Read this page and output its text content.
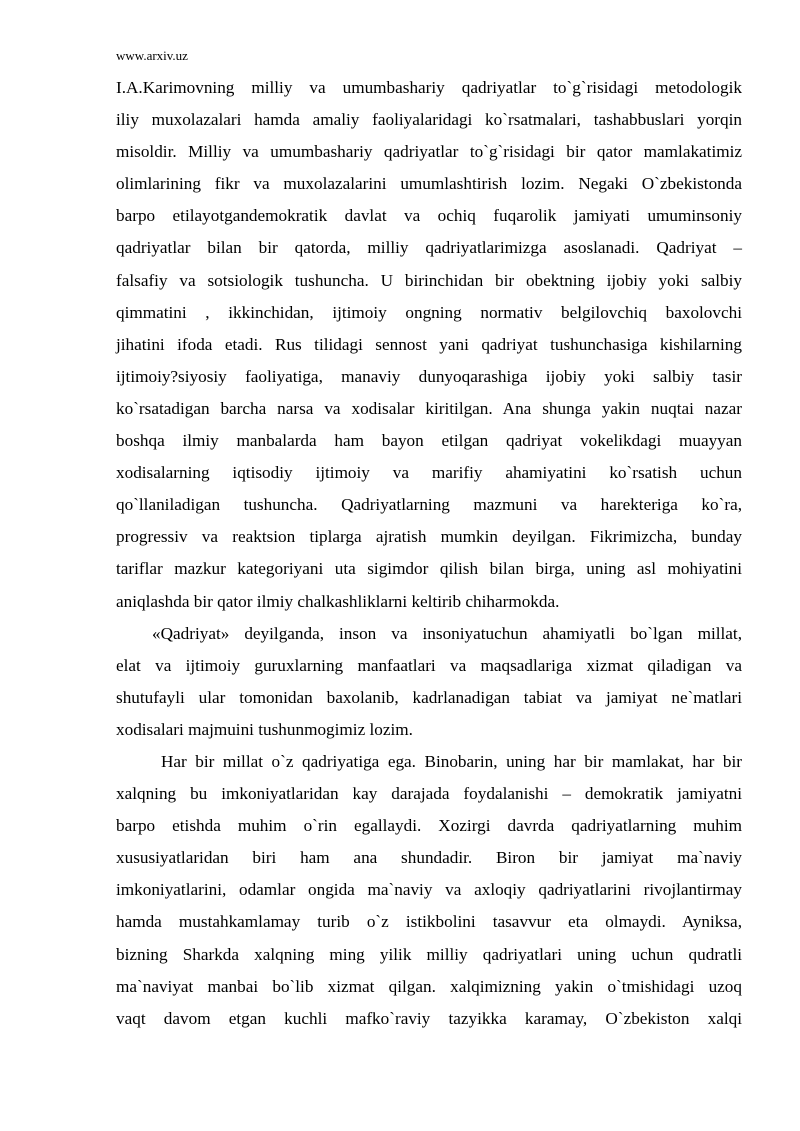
www.arxiv.uz
I.A.Karimovning milliy va umumbashariy qadriyatlar to`g`risidagi metodologik
iliy muxolazalari hamda amaliy faoliyalaridagi ko`rsatmalari, tashabbuslari yorqin
misoldir. Milliy va umumbashariy qadriyatlar to`g`risidagi bir qator mamlakatimiz
olimlarining fikr va muxolazalarini umumlashtirish lozim. Negaki O`zbekistonda
barpo etilayotgandemokratik davlat va ochiq fuqarolik jamiyati umuminsoniy
qadriyatlar bilan bir qatorda, milliy qadriyatlarimizga asoslanadi. Qadriyat –
falsafiy va sotsiologik tushuncha. U birinchidan bir obektning ijobiy yoki salbiy
qimmatini , ikkinchidan, ijtimoiy ongning normativ belgilovchiq baxolovchi
jihatini ifoda etadi. Rus tilidagi sennost yani qadriyat tushunchasiga kishilarning
ijtimoiy?siyosiy faoliyatiga, manaviy dunyoqarashiga ijobiy yoki salbiy tasir
ko`rsatadigan barcha narsa va xodisalar kiritilgan. Ana shunga yakin nuqtai nazar
boshqa ilmiy manbalarda ham bayon etilgan qadriyat vokelikdagi muayyan
xodisalarning iqtisodiy ijtimoiy va marifiy ahamiyatini ko`rsatish uchun
qo`llaniladigan tushuncha. Qadriyatlarning mazmuni va harekteriga ko`ra,
progressiv va reaktsion tiplarga ajratish mumkin deyilgan. Fikrimizcha, bunday
tariflar mazkur kategoriyani uta sigimdor qilish bilan birga, uning asl mohiyatini
aniqlashda bir qator ilmiy chalkashliklarni keltirib chiharmokda.
«Qadriyat» deyilganda, inson va insoniyatuchun ahamiyatli bo`lgan millat,
elat va ijtimoiy guruxlarning manfaatlari va maqsadlariga xizmat qiladigan va
shutufayli ular tomonidan baxolanib, kadrlanadigan tabiat va jamiyat ne`matlari
xodisalari majmuini tushunmogimiz lozim.
Har bir millat o`z qadriyatiga ega. Binobarin, uning har bir mamlakat, har bir
xalqning bu imkoniyatlaridan kay darajada foydalanishi – demokratik jamiyatni
barpo etishda muhim o`rin egallaydi. Xozirgi davrda qadriyatlarning muhim
xususiyatlaridan biri ham ana shundadir. Biron bir jamiyat ma`naviy
imkoniyatlarini, odamlar ongida ma`naviy va axloqiy qadriyatlarini rivojlantirmay
hamda mustahkamlamay turib o`z istikbolini tasavvur eta olmaydi. Ayniksa,
bizning Sharkda xalqning ming yilik milliy qadriyatlari uning uchun qudratli
ma`naviyat manbai bo`lib xizmat qilgan. xalqimizning yakin o`tmishidagi uzoq
vaqt davom etgan kuchli mafko`raviy tazyikka karamay, O`zbekiston xalqi
